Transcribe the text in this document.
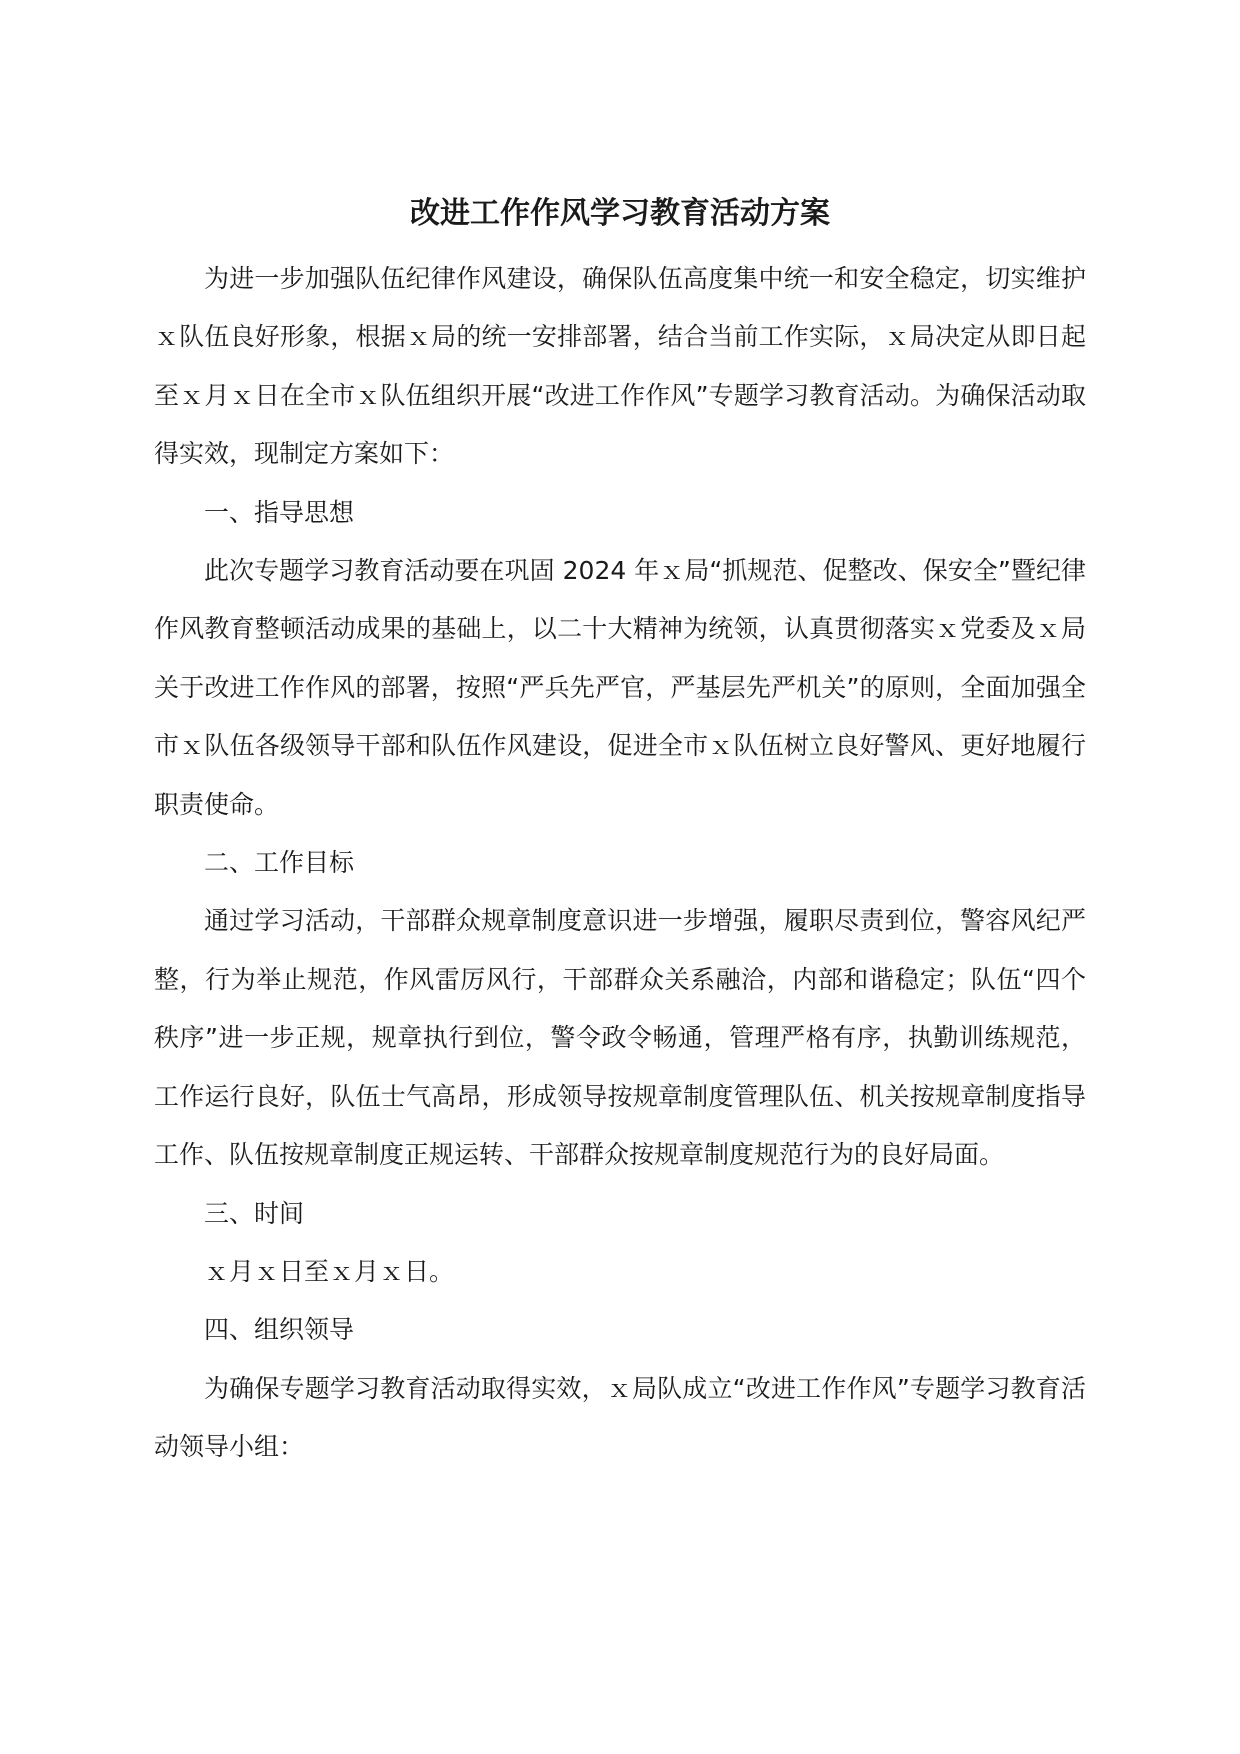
改进工作作风学习教育活动方案

为进一步加强队伍纪律作风建设，确保队伍高度集中统一和安全稳定，切实维护ｘ队伍良好形象，根据ｘ局的统一安排部署，结合当前工作实际，ｘ局决定从即日起至ｘ月ｘ日在全市ｘ队伍组织开展“改进工作作风”专题学习教育活动。为确保活动取得实效，现制定方案如下：

一、指导思想

此次专题学习教育活动要在巩固 2024 年ｘ局“抓规范、促整改、保安全”暨纪律作风教育整顿活动成果的基础上，以二十大精神为统领，认真贯彻落实ｘ党委及ｘ局关于改进工作作风的部署，按照“严兵先严官，严基层先严机关”的原则，全面加强全市ｘ队伍各级领导干部和队伍作风建设，促进全市ｘ队伍树立良好警风、更好地履行职责使命。

二、工作目标

通过学习活动，干部群众规章制度意识进一步增强，履职尽责到位，警容风纪严整，行为举止规范，作风雷厉风行，干部群众关系融洽，内部和谐稳定；队伍“四个秩序”进一步正规，规章执行到位，警令政令畅通，管理严格有序，执勤训练规范，工作运行良好，队伍士气高昂，形成领导按规章制度管理队伍、机关按规章制度指导工作、队伍按规章制度正规运转、干部群众按规章制度规范行为的良好局面。

三、时间

ｘ月ｘ日至ｘ月ｘ日。

四、组织领导

为确保专题学习教育活动取得实效，ｘ局队成立“改进工作作风”专题学习教育活动领导小组：
